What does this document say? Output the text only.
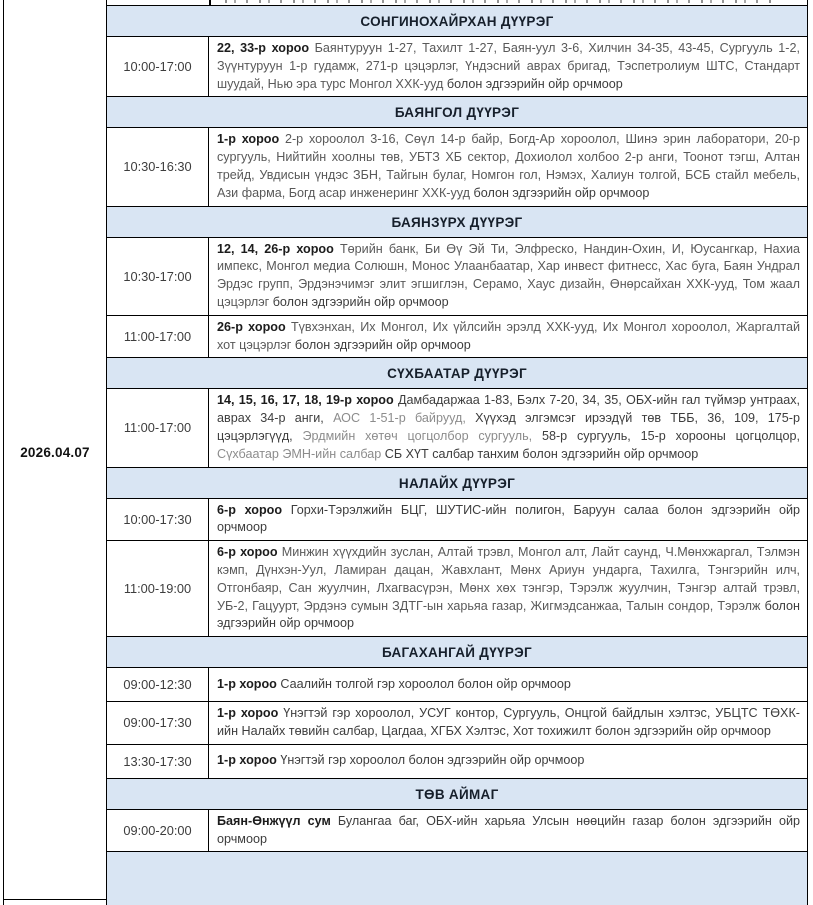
2026.04.07
СОНГИНОХАЙРХАН ДҮҮРЭГ
10:00-17:00
22, 33-р хороо Баянтуруун 1-27, Тахилт 1-27, Баян-уул 3-6, Хилчин 34-35, 43-45, Сургууль 1-2, Зүүнтуруун 1-р гудамж, 271-р цэцэрлэг, Үндэсний аврах бригад, Тэспетролиум ШТС, Стандарт шуудай, Нью эра турс Монгол ХХК-ууд болон эдгээрийн ойр орчмоор
БАЯНГОЛ ДҮҮРЭГ
10:30-16:30
1-р хороо 2-р хороолол 3-16, Сөүл 14-р байр, Богд-Ар хороолол, Шинэ эрин лаборатори, 20-р сургууль, Нийтийн хоолны төв, УБТЗ ХБ сектор, Дохиолол холбоо 2-р анги, Тоонот тэгш, Алтан трейд, Увдисын үндэс ЗБН, Тайгын булаг, Номгон гол, Нэмэх, Халиун толгой, БСБ стайл мебель, Ази фарма, Богд асар инженеринг ХХК-ууд болон эдгээрийн ойр орчмоор
БАЯНЗҮРХ ДҮҮРЭГ
10:30-17:00
12, 14, 26-р хороо Төрийн банк, Би Өү Эй Ти, Элфреско, Нандин-Охин, И, Юусангкар, Нахиа импекс, Монгол медиа Солюшн, Монос Улаанбаатар, Хар инвест фитнесс, Хас буга, Баян Ундрал Эрдэс групп, Эрдэнэчимэг элит эгшиглэн, Серамо, Хаус дизайн, Өнөрсайхан ХХК-ууд, Том жаал цэцэрлэг болон эдгээрийн ойр орчмоор
11:00-17:00
26-р хороо Түвхэнхан, Их Монгол, Их үйлсийн эрэлд ХХК-ууд, Их Монгол хороолол, Жаргалтай хот цэцэрлэг болон эдгээрийн ойр орчмоор
СҮХБААТАР ДҮҮРЭГ
11:00-17:00
14, 15, 16, 17, 18, 19-р хороо Дамбадаржаа 1-83, Бэлх 7-20, 34, 35, ОБХ-ийн гал түймэр унтраах, аврах 34-р анги, АОС 1-51-р байрууд, Хүүхэд элгэмсэг ирээдүй төв ТББ, 36, 109, 175-р цэцэрлэгүүд, Эрдмийн хөтөч цогцолбор сургууль, 58-р сургууль, 15-р хорооны цогцолцор, Сүхбаатар ЭМН-ийн салбар СБ ХҮТ салбар танхим болон эдгээрийн ойр орчмоор
НАЛАЙХ ДҮҮРЭГ
10:00-17:30
6-р хороо Горхи-Тэрэлжийн БЦГ, ШУТИС-ийн полигон, Баруун салаа болон эдгээрийн ойр орчмоор
11:00-19:00
6-р хороо Минжин хүүхдийн зуслан, Алтай трэвл, Монгол алт, Лайт саунд, Ч.Мөнхжаргал, Тэлмэн кэмп, Дүнхэн-Уул, Ламиран дацан, Жавхлант, Мөнх Ариун ундарга, Тахилга, Тэнгэрийн илч, Отгонбаяр, Сан жуулчин, Лхагвасүрэн, Мөнх хөх тэнгэр, Тэрэлж жуулчин, Тэнгэр алтай трэвл, УБ-2, Гацуурт, Эрдэнэ сумын ЗДТГ-ын харьяа газар, Жигмэдсанжаа, Талын сондор, Тэрэлж болон эдгээрийн ойр орчмоор
БАГАХАНГАЙ ДҮҮРЭГ
09:00-12:30	1-р хороо Саалийн толгой гэр хороолол болон ойр орчмоор
09:00-17:30
1-р хороо Үнэгтэй гэр хороолол, УСУГ контор, Сургууль, Онцгой байдлын хэлтэс, УБЦТС ТӨХК-ийн Налайх төвийн салбар, Цагдаа, ХГБХ Хэлтэс, Хот тохижилт болон эдгээрийн ойр орчмоор
13:30-17:30	1-р хороо Үнэгтэй гэр хороолол болон эдгээрийн ойр орчмоор
ТӨВ АЙМАГ
09:00-20:00
Баян-Өнжүүл сум Булангаа баг, ОБХ-ийн харьяа Улсын нөөцийн газар болон эдгээрийн ойр орчмоор
